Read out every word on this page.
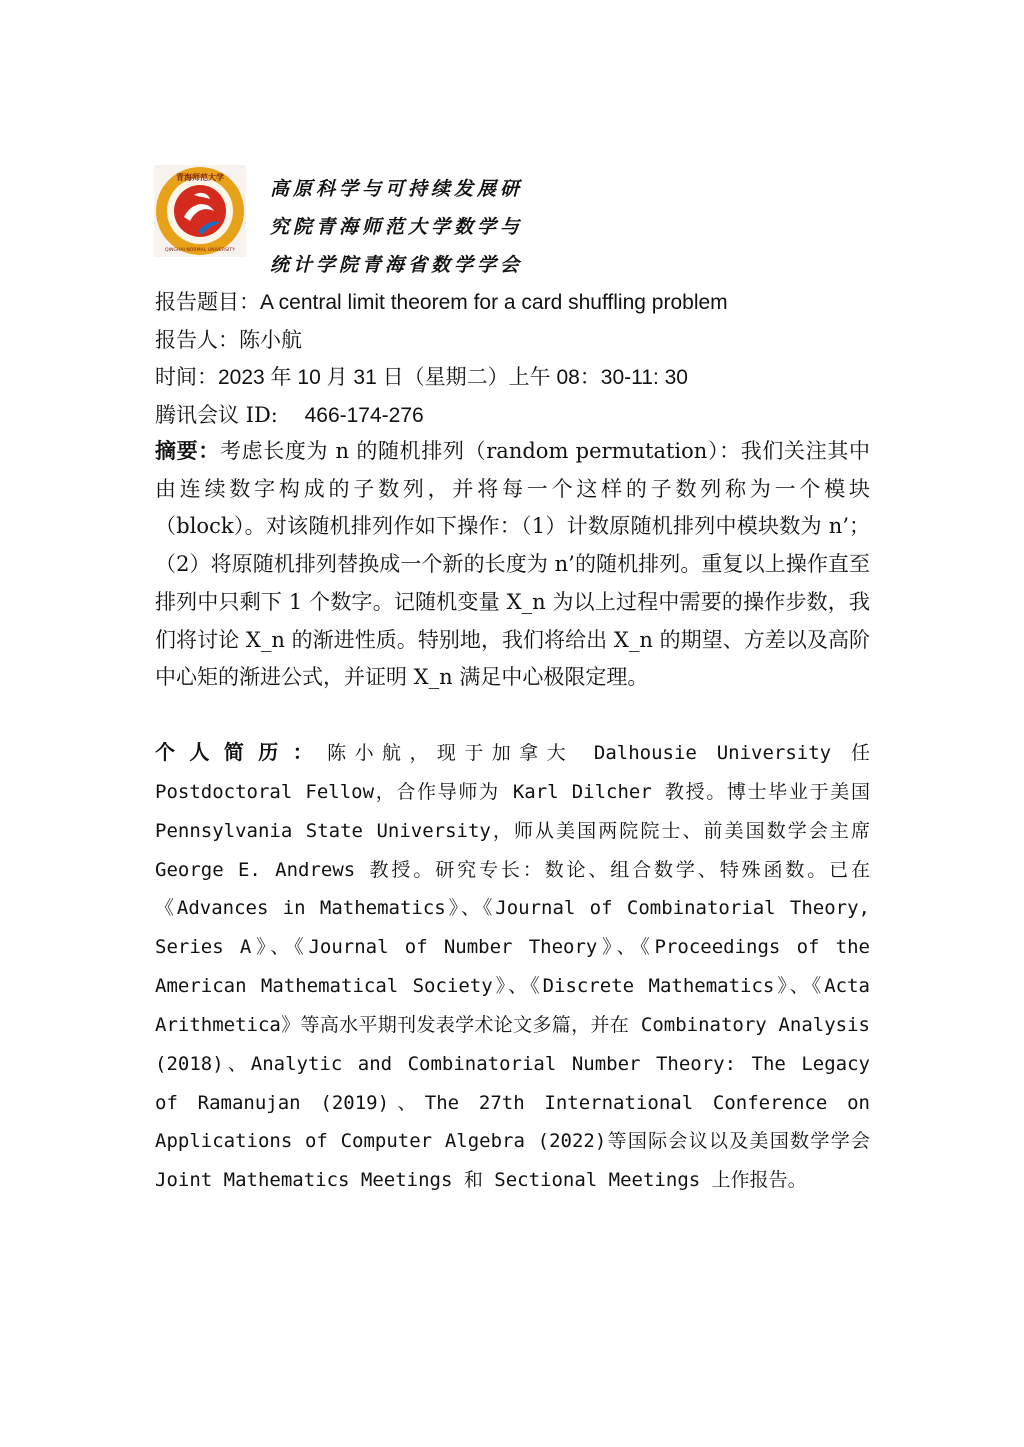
青海师范大学
QINGHAI NORMAL UNIVERSITY
高原科学与可持续发展研
究院青海师范大学数学与
统计学院青海省数学学会
报告题目：A central limit theorem for a card shuffling problem
报告人：陈小航
时间：2023 年 10 月 31 日（星期二）上午 08：30-11: 30
腾讯会议 ID: 466-174-276
摘要：考虑长度为 n 的随机排列（random permutation）：我们关注其中由连续数字构成的子数列，并将每一个这样的子数列称为一个模块（block）。对该随机排列作如下操作：（1）计数原随机排列中模块数为 n’；（2）将原随机排列替换成一个新的长度为 n’的随机排列。重复以上操作直至排列中只剩下 1 个数字。记随机变量 X_n 为以上过程中需要的操作步数，我们将讨论 X_n 的渐进性质。特别地，我们将给出 X_n 的期望、方差以及高阶中心矩的渐进公式，并证明 X_n 满足中心极限定理。
个人简历：陈小航，现于加拿大 Dalhousie University 任 Postdoctoral Fellow，合作导师为 Karl Dilcher 教授。博士毕业于美国 Pennsylvania State University，师从美国两院院士、前美国数学会主席 George E. Andrews 教授。研究专长：数论、组合数学、特殊函数。已在《Advances in Mathematics》、《Journal of Combinatorial Theory, Series A》、《Journal of Number Theory》、《Proceedings of the American Mathematical Society》、《Discrete Mathematics》、《Acta Arithmetica》等高水平期刊发表学术论文多篇，并在 Combinatory Analysis (2018)、Analytic and Combinatorial Number Theory: The Legacy of Ramanujan (2019)、The 27th International Conference on Applications of Computer Algebra (2022)等国际会议以及美国数学学会 Joint Mathematics Meetings 和 Sectional Meetings 上作报告。
